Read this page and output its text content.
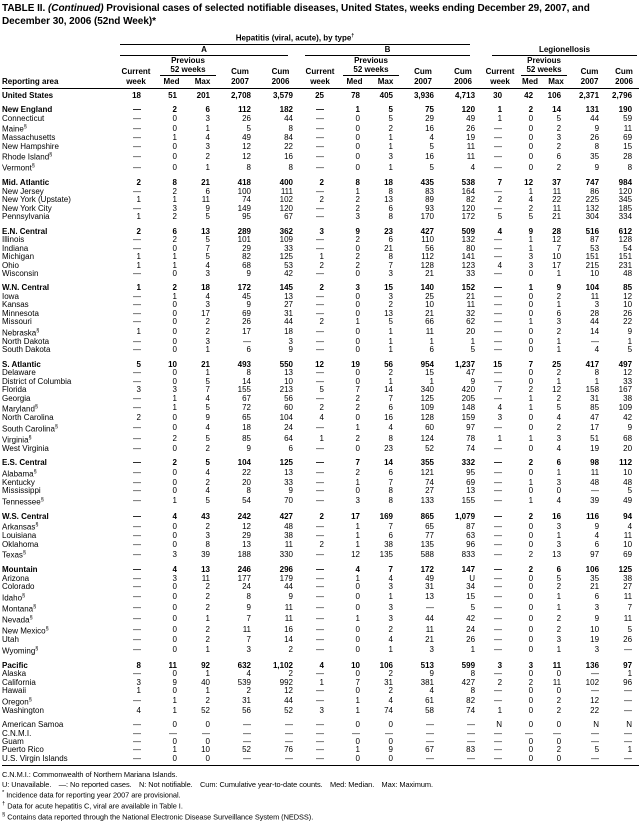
TABLE II. (Continued) Provisional cases of selected notifiable diseases, United States, weeks ending December 29, 2007, and December 30, 2006 (52nd Week)*

	Hepatitis (viral, acute), by type†

	A					B					Legionellosis				

	Current	
Previous
52 weeks	Cum	Cum	Current	
Previous
52 weeks	Cum	Cum	Current	
Previous
52 weeks	Cum	Cum
Reporting area	week	Med	Max	2007	2006	week	Med	Max	2007	2006	week	Med	Max	2007	2006
United States	18	51	201	2,708	3,579	25	78	405	3,936	4,713	30	42	106	2,371	2,796
New England	—	2	6	112	182	—	1	5	75	120	1	2	14	131	190
Connecticut	—	0	3	26	44	—	0	5	29	49	1	0	5	44	59
Maine§	—	0	1	5	8	—	0	2	16	26	—	0	2	9	11
Massachusetts	—	1	4	49	84	—	0	1	4	19	—	0	3	26	69
New Hampshire	—	0	3	12	22	—	0	1	5	11	—	0	2	8	15
Rhode Island§	—	0	2	12	16	—	0	3	16	11	—	0	6	35	28
Vermont§	—	0	1	8	8	—	0	1	5	4	—	0	2	9	8
Mid. Atlantic	2	8	21	418	400	2	8	18	435	538	7	12	37	747	984
New Jersey	—	2	6	100	111	—	1	8	83	164	—	1	11	86	120
New York (Upstate)	1	1	11	74	102	2	2	13	89	82	2	4	22	225	345
New York City	—	3	9	149	120	—	2	6	93	120	—	2	11	132	185
Pennsylvania	1	2	5	95	67	—	3	8	170	172	5	5	21	304	334
E.N. Central	2	6	13	289	362	3	9	23	427	509	4	9	28	516	612
Illinois	—	2	5	101	109	—	2	6	110	132	—	1	12	87	128
Indiana	—	0	7	29	33	—	0	21	56	80	—	1	7	53	54
Michigan	1	1	5	82	125	1	2	8	112	141	—	3	10	151	151
Ohio	1	1	4	68	53	2	2	7	128	123	4	3	17	215	231
Wisconsin	—	0	3	9	42	—	0	3	21	33	—	0	1	10	48
W.N. Central	1	2	18	172	145	2	3	15	140	152	—	1	9	104	85
Iowa	—	1	4	45	13	—	0	3	25	21	—	0	2	11	12
Kansas	—	0	3	9	27	—	0	2	10	11	—	0	1	3	10
Minnesota	—	0	17	69	31	—	0	13	21	32	—	0	6	28	26
Missouri	—	0	2	26	44	2	1	5	66	62	—	1	3	44	22
Nebraska§	1	0	2	17	18	—	0	1	11	20	—	0	2	14	9
North Dakota	—	0	3	—	3	—	0	1	1	1	—	0	1	—	1
South Dakota	—	0	1	6	9	—	0	1	6	5	—	0	1	4	5
S. Atlantic	5	10	21	493	550	12	19	56	954	1,237	15	7	25	417	497
Delaware	—	0	1	8	13	—	0	2	15	47	—	0	2	8	12
District of Columbia	—	0	5	14	10	—	0	1	1	9	—	0	1	1	33
Florida	3	3	7	155	213	5	7	14	340	420	7	2	12	158	167
Georgia	—	1	4	67	56	—	2	7	125	205	—	1	2	31	38
Maryland§	—	1	5	72	60	2	2	6	109	148	4	1	5	85	109
North Carolina	2	0	9	65	104	4	0	16	128	159	3	0	4	47	42
South Carolina§	—	0	4	18	24	—	1	4	60	97	—	0	2	17	9
Virginia§	—	2	5	85	64	1	2	8	124	78	1	1	3	51	68
West Virginia	—	0	2	9	6	—	0	23	52	74	—	0	4	19	20
E.S. Central	—	2	5	104	125	—	7	14	355	332	—	2	6	98	112
Alabama§	—	0	4	22	13	—	2	6	121	95	—	0	1	11	10
Kentucky	—	0	2	20	33	—	1	7	74	69	—	1	3	48	48
Mississippi	—	0	4	8	9	—	0	8	27	13	—	0	0	—	5
Tennessee§	—	1	5	54	70	—	3	8	133	155	—	1	4	39	49
W.S. Central	—	4	43	242	427	2	17	169	865	1,079	—	2	16	116	94
Arkansas§	—	0	2	12	48	—	1	7	65	87	—	0	3	9	4
Louisiana	—	0	3	29	38	—	1	6	77	63	—	0	1	4	11
Oklahoma	—	0	8	13	11	2	1	38	135	96	—	0	3	6	10
Texas§	—	3	39	188	330	—	12	135	588	833	—	2	13	97	69
Mountain	—	4	13	246	296	—	4	7	172	147	—	2	6	106	125
Arizona	—	3	11	177	179	—	1	4	49	U	—	0	5	35	38
Colorado	—	0	2	24	44	—	0	3	31	34	—	0	2	21	27
Idaho§	—	0	2	8	9	—	0	1	13	15	—	0	1	6	11
Montana§	—	0	2	9	11	—	0	3	—	5	—	0	1	3	7
Nevada§	—	0	1	7	11	—	1	3	44	42	—	0	2	9	11
New Mexico§	—	0	2	11	16	—	0	2	11	24	—	0	2	10	5
Utah	—	0	2	7	14	—	0	4	21	26	—	0	3	19	26
Wyoming§	—	0	1	3	2	—	0	1	3	1	—	0	1	3	—
Pacific	8	11	92	632	1,102	4	10	106	513	599	3	3	11	136	97
Alaska	—	0	1	4	2	—	0	2	9	8	—	0	0	—	1
California	3	9	40	539	992	1	7	31	381	427	2	2	11	102	96
Hawaii	1	0	1	2	12	—	0	2	4	8	—	0	0	—	—
Oregon§	—	1	2	31	44	—	1	4	61	82	—	0	2	12	—
Washington	4	1	52	56	52	3	1	74	58	74	1	0	2	22	—
American Samoa	—	0	0	—	—	—	0	0	—	—	N	0	0	N	N
C.N.M.I.	—	—	—	—	—	—	—	—	—	—	—	—	—	—	—
Guam	—	0	0	—	—	—	0	0	—	—	—	0	0	—	—
Puerto Rico	—	1	10	52	76	—	1	9	67	83	—	0	2	5	1
U.S. Virgin Islands	—	0	0	—	—	—	0	0	—	—	—	0	0	—	—
C.N.M.I.: Commonwealth of Northern Mariana Islands.
U: Unavailable. —: No reported cases. N: Not notifiable. Cum: Cumulative year-to-date counts. Med: Median. Max: Maximum.
* Incidence data for reporting year 2007 are provisional.
† Data for acute hepatitis C, viral are available in Table I.
§ Contains data reported through the National Electronic Disease Surveillance System (NEDSS).
